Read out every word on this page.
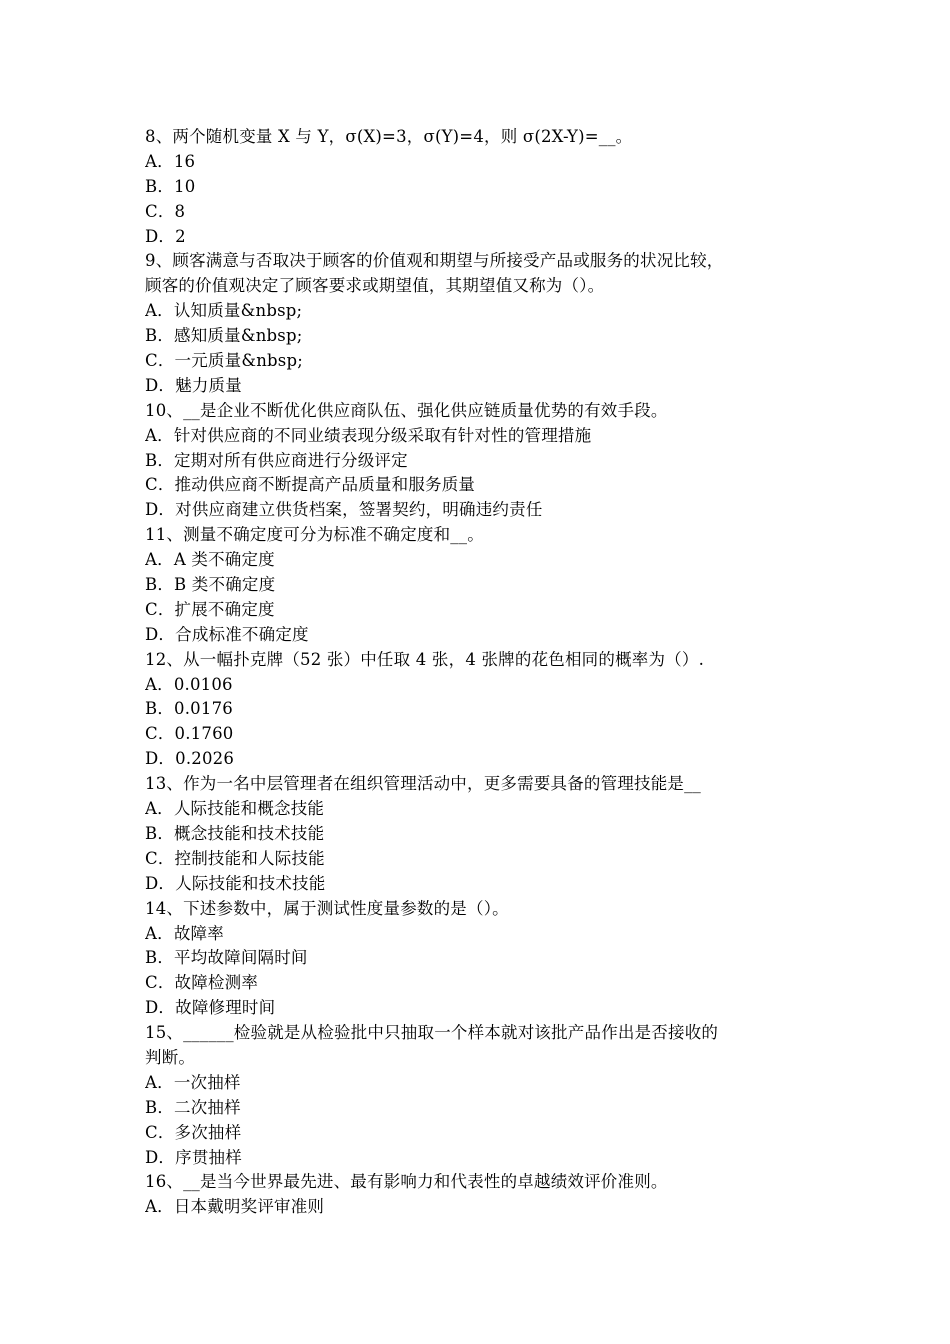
8、两个随机变量 X 与 Y，σ(X)=3，σ(Y)=4，则 σ(2X-Y)=__。
A．16
B．10
C．8
D．2
9、顾客满意与否取决于顾客的价值观和期望与所接受产品或服务的状况比较，
顾客的价值观决定了顾客要求或期望值，其期望值又称为（）。
A．认知质量&nbsp;
B．感知质量&nbsp;
C．一元质量&nbsp;
D．魅力质量
10、__是企业不断优化供应商队伍、强化供应链质量优势的有效手段。
A．针对供应商的不同业绩表现分级采取有针对性的管理措施
B．定期对所有供应商进行分级评定
C．推动供应商不断提高产品质量和服务质量
D．对供应商建立供货档案，签署契约，明确违约责任
11、测量不确定度可分为标准不确定度和__。
A．A 类不确定度
B．B 类不确定度
C．扩展不确定度
D．合成标准不确定度
12、从一幅扑克牌（52 张）中任取 4 张，4 张牌的花色相同的概率为（）.
A．0.0106
B．0.0176
C．0.1760
D．0.2026
13、作为一名中层管理者在组织管理活动中，更多需要具备的管理技能是__
A．人际技能和概念技能
B．概念技能和技术技能
C．控制技能和人际技能
D．人际技能和技术技能
14、下述参数中，属于测试性度量参数的是（）。
A．故障率
B．平均故障间隔时间
C．故障检测率
D．故障修理时间
15、______检验就是从检验批中只抽取一个样本就对该批产品作出是否接收的
判断。
A．一次抽样
B．二次抽样
C．多次抽样
D．序贯抽样
16、__是当今世界最先进、最有影响力和代表性的卓越绩效评价准则。
A．日本戴明奖评审准则
